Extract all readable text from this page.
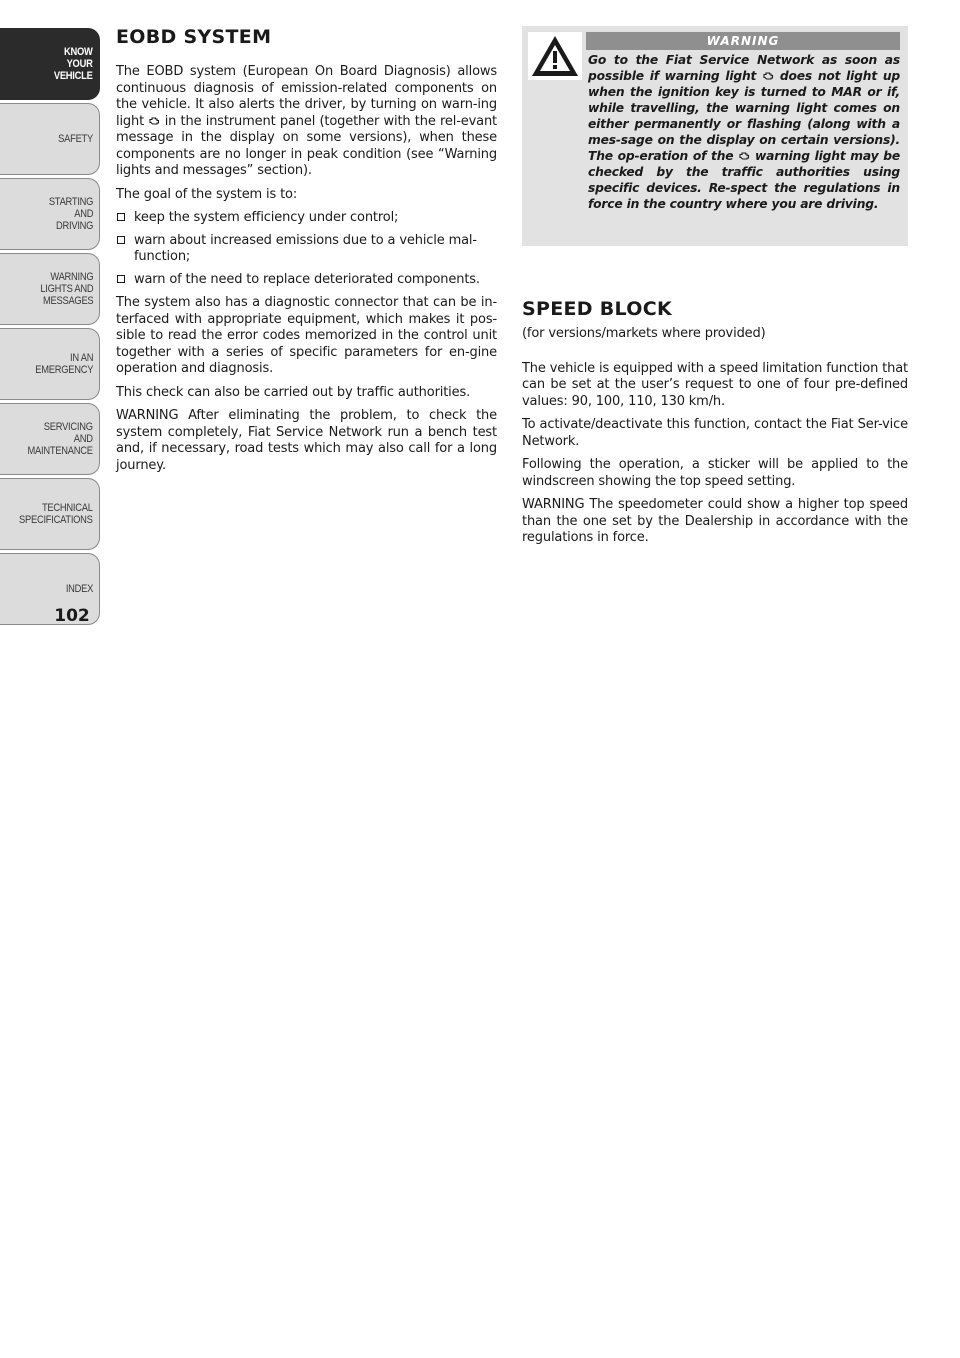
KNOW
YOUR
VEHICLE
SAFETY
STARTING
AND
DRIVING
WARNING
LIGHTS AND
MESSAGES
IN AN
EMERGENCY
SERVICING
AND
MAINTENANCE
TECHNICAL
SPECIFICATIONS
INDEX
102
EOBD SYSTEM

The EOBD system (European On Board Diagnosis) allows continuous diagnosis of emission-related components on the vehicle. It also alerts the driver, by turning on warn-ing light in the instrument panel (together with the rel-evant message in the display on some versions), when these components are no longer in peak condition (see “Warning lights and messages” section).

The goal of the system is to:

keep the system efficiency under control;
warn about increased emissions due to a vehicle mal-function;
warn of the need to replace deteriorated components.

The system also has a diagnostic connector that can be in-terfaced with appropriate equipment, which makes it pos-sible to read the error codes memorized in the control unit together with a series of specific parameters for en-gine operation and diagnosis.

This check can also be carried out by traffic authorities.

WARNING After eliminating the problem, to check the system completely, Fiat Service Network run a bench test and, if necessary, road tests which may also call for a long journey.

WARNING
Go to the Fiat Service Network as soon as possible if warning light does not light up when the ignition key is turned to MAR or if, while travelling, the warning light comes on either permanently or flashing (along with a mes-sage on the display on certain versions). The op-eration of the warning light may be checked by the traffic authorities using specific devices. Re-spect the regulations in force in the country where you are driving.
SPEED BLOCK

(for versions/markets where provided)

The vehicle is equipped with a speed limitation function that can be set at the user’s request to one of four pre-defined values: 90, 100, 110, 130 km/h.

To activate/deactivate this function, contact the Fiat Ser-vice Network.

Following the operation, a sticker will be applied to the windscreen showing the top speed setting.

WARNING The speedometer could show a higher top speed than the one set by the Dealership in accordance with the regulations in force.
